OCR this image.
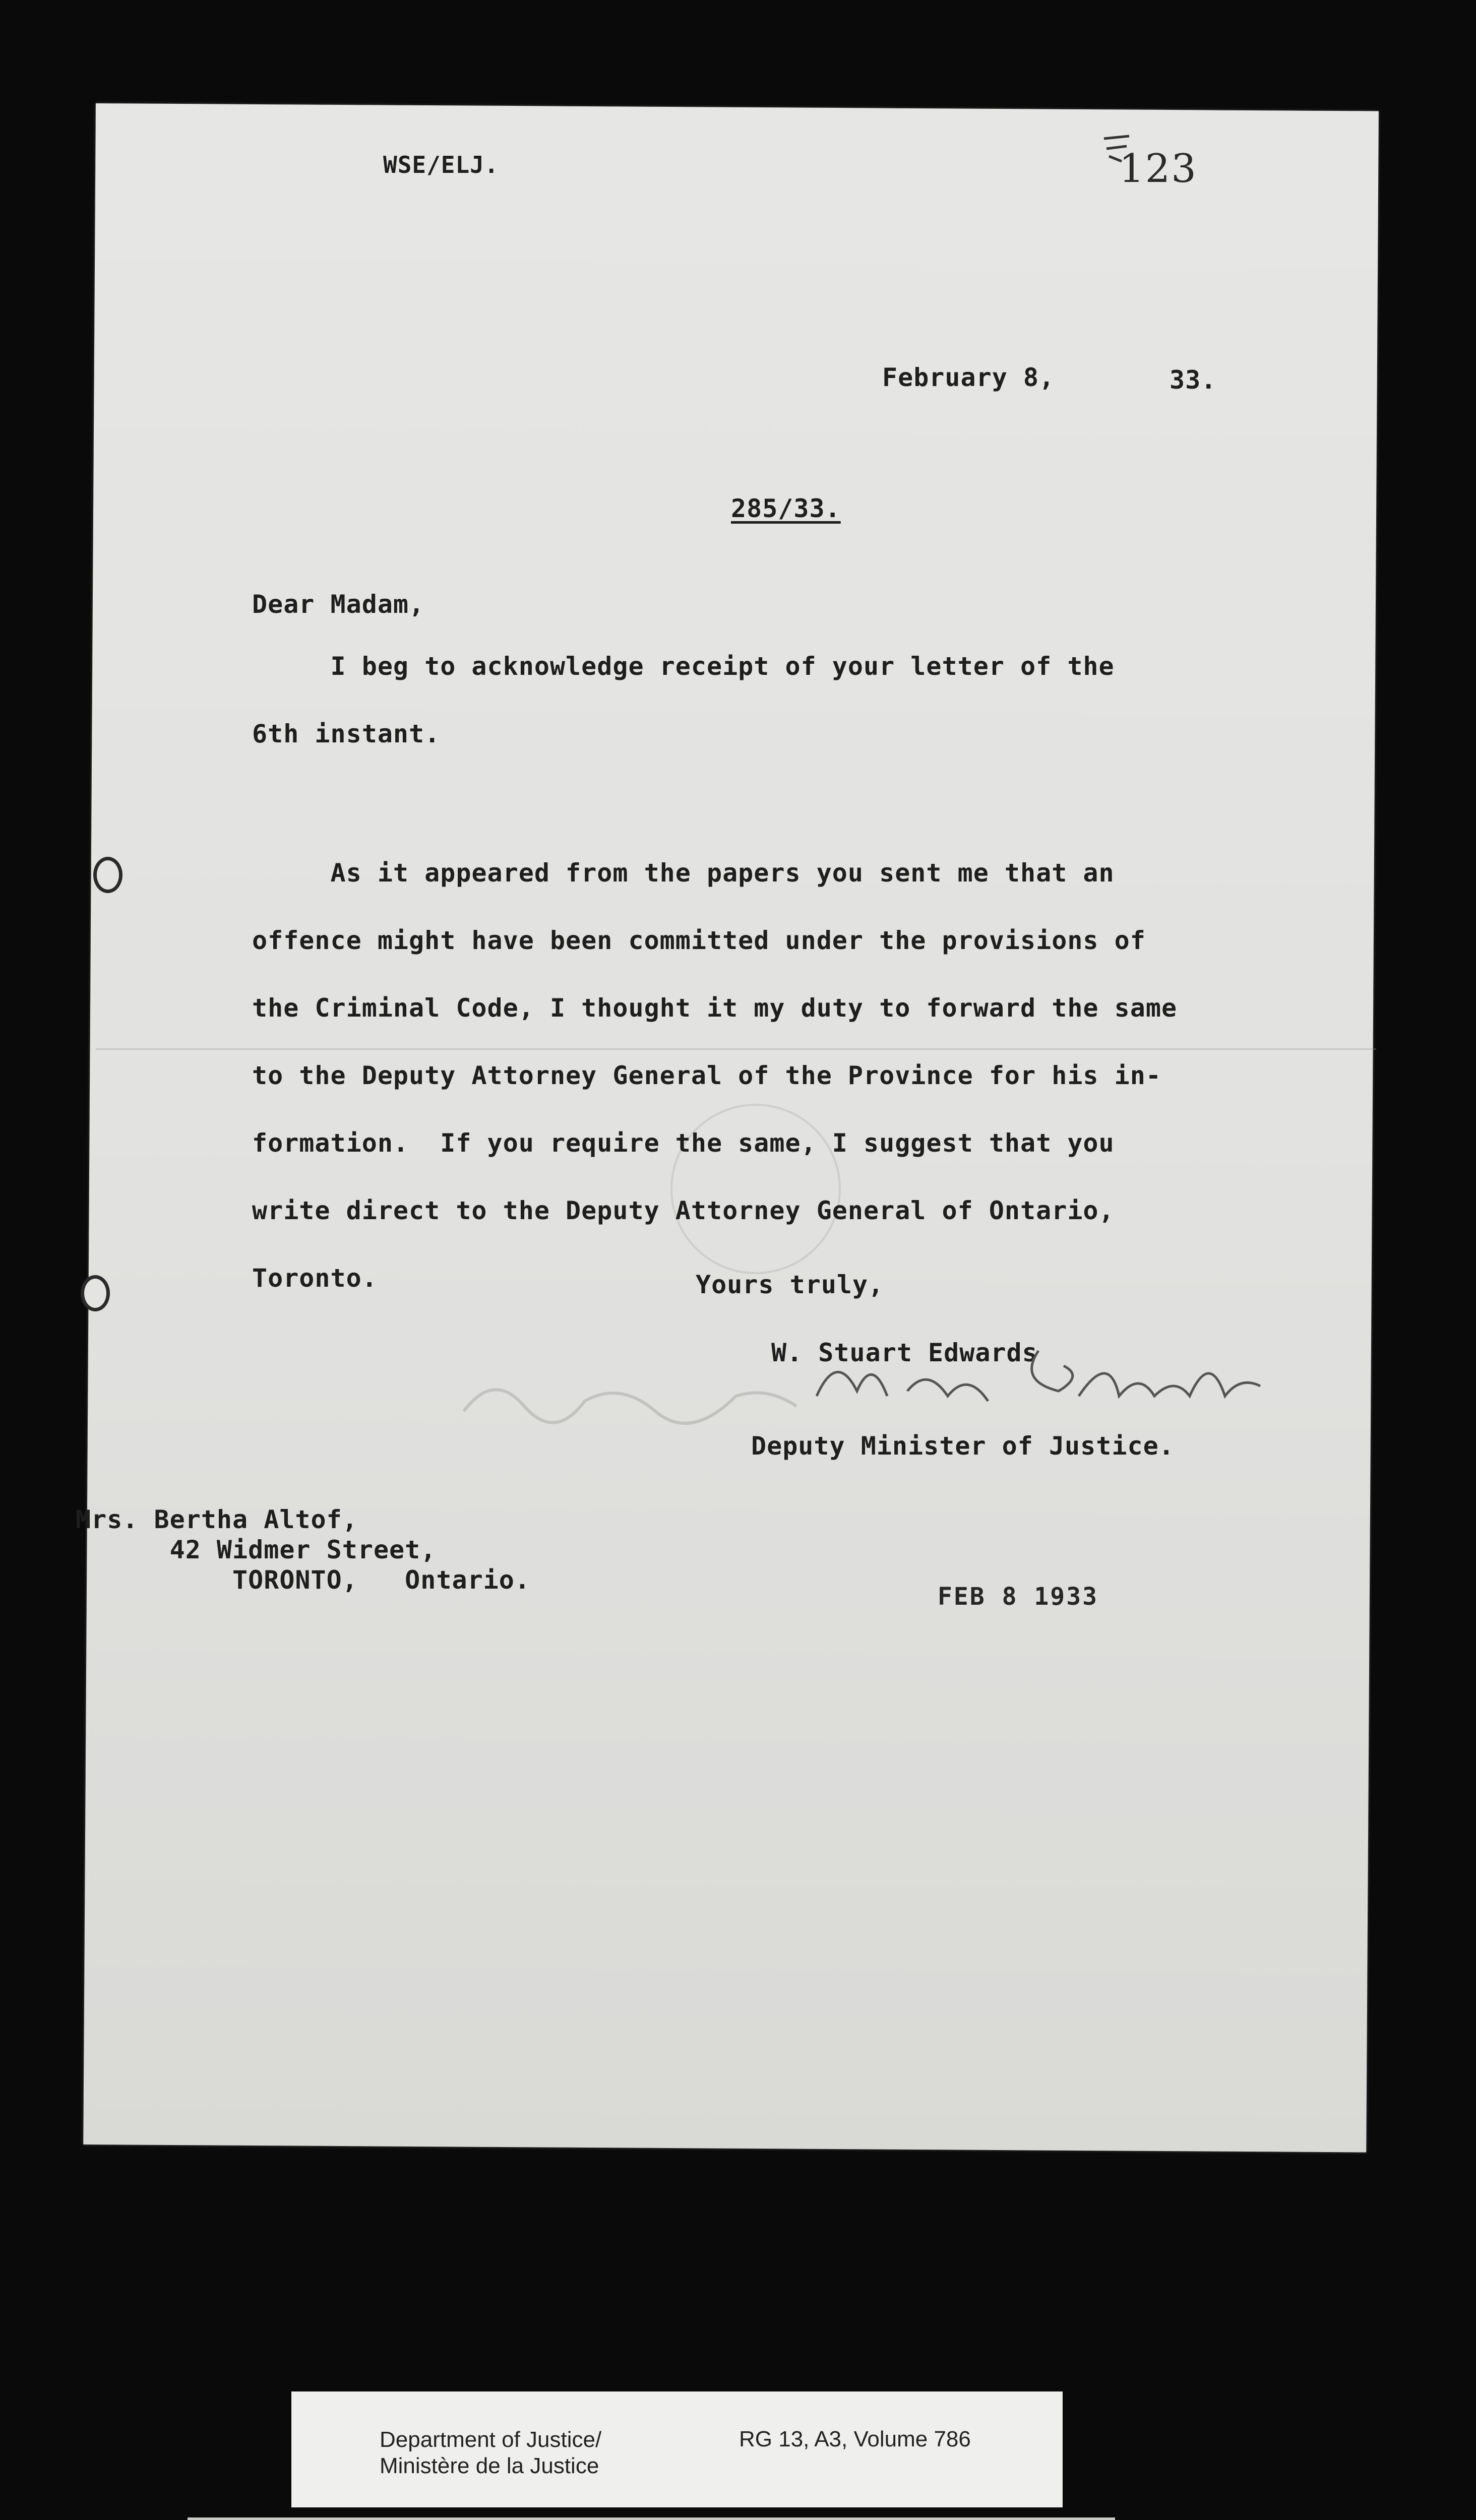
WSE/ELJ.	123
February 8,	33.
285/33.
Dear Madam,

I beg to acknowledge receipt of your letter of the

6th instant.

As it appeared from the papers you sent me that an

offence might have been committed under the provisions of

the Criminal Code, I thought it my duty to forward the same

to the Deputy Attorney General of the Province for his in-

formation.  If you require the same, I suggest that you

write direct to the Deputy Attorney General of Ontario,

Toronto.	Yours truly,
W. Stuart Edwards
Deputy Minister of Justice.
Mrs. Bertha Altof,
42 Widmer Street,
TORONTO,   Ontario.
FEB 8 1933
Department of Justice/
Ministère de la Justice
RG 13, A3, Volume 786
